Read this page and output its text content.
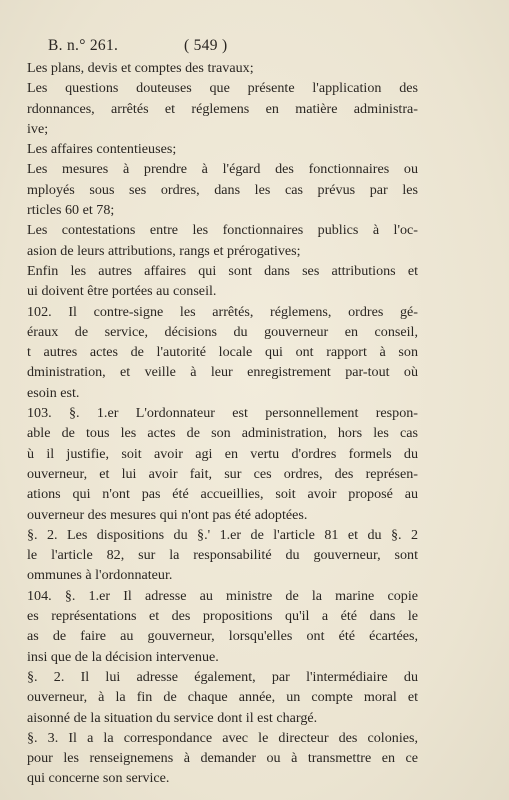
B. n.° 261.	( 549 )

Les plans, devis et comptes des travaux;

Les questions douteuses que présente l'application des

rdonnances, arrêtés et réglemens en matière administra-

ive;

Les affaires contentieuses;

Les mesures à prendre à l'égard des fonctionnaires ou

mployés sous ses ordres, dans les cas prévus par les

rticles 60 et 78;

Les contestations entre les fonctionnaires publics à l'oc-

asion de leurs attributions, rangs et prérogatives;

Enfin les autres affaires qui sont dans ses attributions et

ui doivent être portées au conseil.

102. Il contre-signe les arrêtés, réglemens, ordres gé-

éraux de service, décisions du gouverneur en conseil,

t autres actes de l'autorité locale qui ont rapport à son

dministration, et veille à leur enregistrement par-tout où

esoin est.

103. §. 1.er L'ordonnateur est personnellement respon-

able de tous les actes de son administration, hors les cas

ù il justifie, soit avoir agi en vertu d'ordres formels du

ouverneur, et lui avoir fait, sur ces ordres, des représen-

ations qui n'ont pas été accueillies, soit avoir proposé au

ouverneur des mesures qui n'ont pas été adoptées.

§. 2. Les dispositions du §.' 1.er de l'article 81 et du §. 2

le l'article 82, sur la responsabilité du gouverneur, sont

ommunes à l'ordonnateur.

104. §. 1.er Il adresse au ministre de la marine copie

es représentations et des propositions qu'il a été dans le

as de faire au gouverneur, lorsqu'elles ont été écartées,

insi que de la décision intervenue.

§. 2. Il lui adresse également, par l'intermédiaire du

ouverneur, à la fin de chaque année, un compte moral et

aisonné de la situation du service dont il est chargé.

§. 3. Il a la correspondance avec le directeur des colonies,

pour les renseignemens à demander ou à transmettre en ce

qui concerne son service.
